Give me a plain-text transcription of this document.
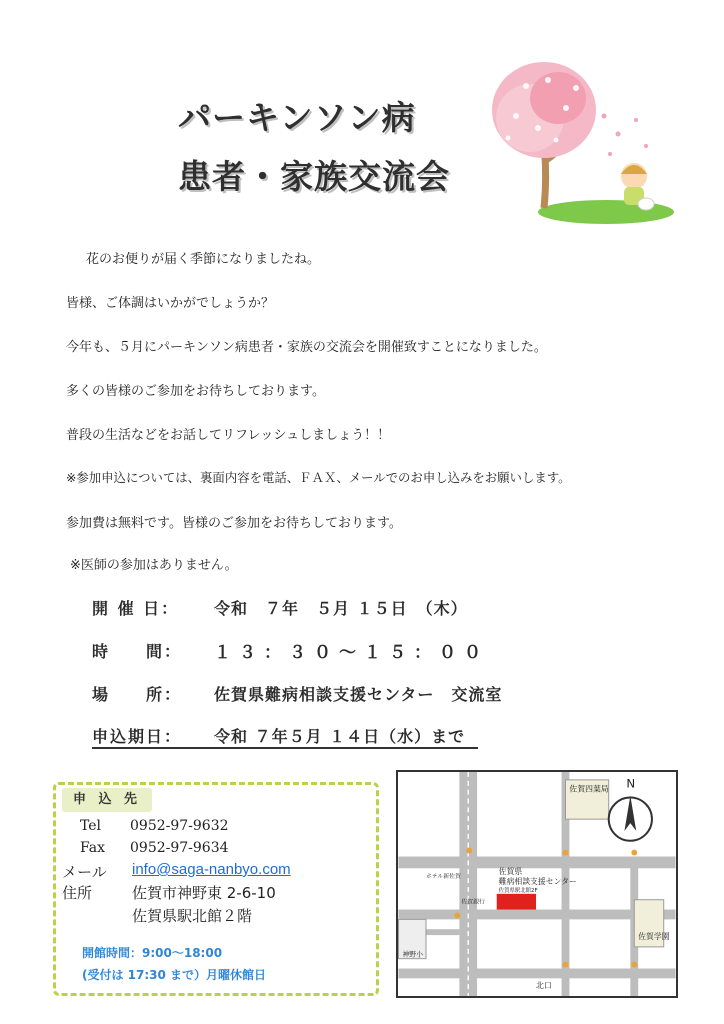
パーキンソン病
患者・家族交流会
花のお便りが届く季節になりましたね。
皆様、ご体調はいかがでしょうか？
今年も、５月にパーキンソン病患者・家族の交流会を開催致すことになりました。
多くの皆様のご参加をお待ちしております。
普段の生活などをお話してリフレッシュしましょう！！
※参加申込については、裏面内容を電話、ＦＡＸ、メールでのお申し込みをお願いします。
参加費は無料です。皆様のご参加をお待ちしております。
※医師の参加はありません。
開 催 日： 令和　７年　５月 １５日　（木）
時　　間： １３：３０〜１５：００
場　　所： 佐賀県難病相談支援センター　交流室
申込期日： 令和 ７年５月 １４日（水）まで
申 込 先
Tel 0952-97-9632
Fax 0952-97-9634
メール info@saga-nanbyo.com
住所	佐賀市神野東 2-6-10
佐賀県駅北館２階
開館時間：9:00〜18:00
(受付は 17:30 まで）月曜休館日
N
佐賀四葉局
ホテル新佐賀
佐賀県
難病相談支援センター
佐賀県駅北館2F
佐賀銀行
佐賀学園
神野小
北口
